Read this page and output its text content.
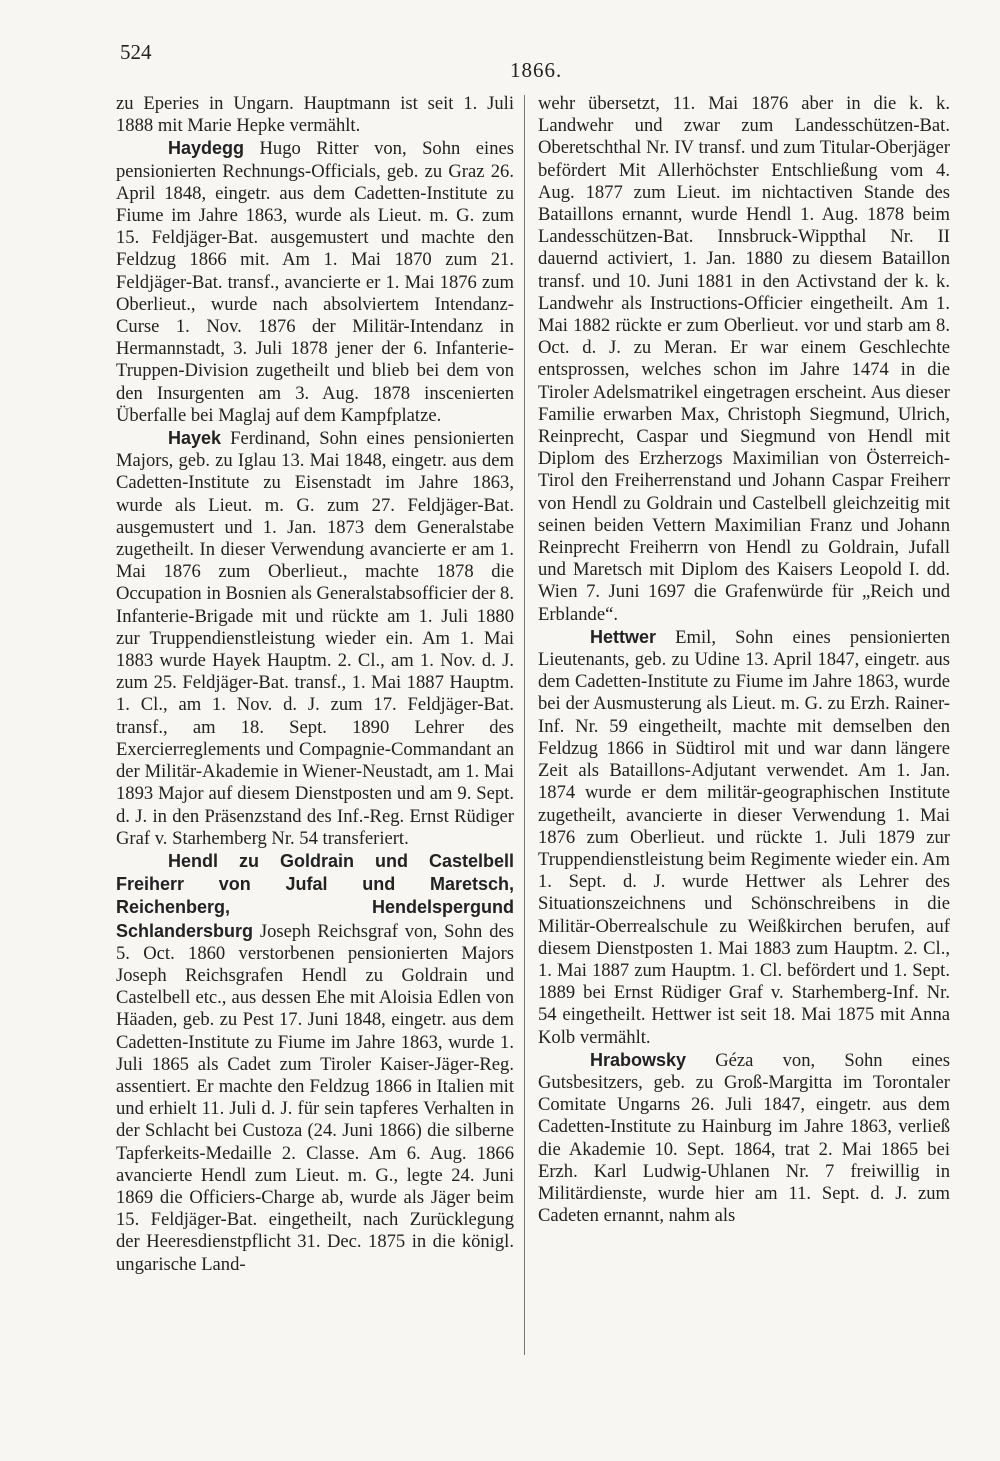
524
1866.

zu Eperies in Ungarn. Hauptmann ist seit 1. Juli 1888 mit Marie Hepke vermählt.

Haydegg Hugo Ritter von, Sohn eines pensionierten Rechnungs-Officials, geb. zu Graz 26. April 1848, eingetr. aus dem Cadetten-Institute zu Fiume im Jahre 1863, wurde als Lieut. m. G. zum 15. Feldjäger-Bat. ausgemustert und machte den Feldzug 1866 mit. Am 1. Mai 1870 zum 21. Feldjäger-Bat. transf., avancierte er 1. Mai 1876 zum Oberlieut., wurde nach absolviertem Intendanz-Curse 1. Nov. 1876 der Militär-Intendanz in Hermannstadt, 3. Juli 1878 jener der 6. Infanterie-Truppen-Division zugetheilt und blieb bei dem von den Insurgenten am 3. Aug. 1878 inscenierten Überfalle bei Maglaj auf dem Kampfplatze.

Hayek Ferdinand, Sohn eines pensionierten Majors, geb. zu Iglau 13. Mai 1848, eingetr. aus dem Cadetten-Institute zu Eisenstadt im Jahre 1863, wurde als Lieut. m. G. zum 27. Feldjäger-Bat. ausgemustert und 1. Jan. 1873 dem Generalstabe zugetheilt. In dieser Verwendung avancierte er am 1. Mai 1876 zum Oberlieut., machte 1878 die Occupation in Bosnien als Generalstabsofficier der 8. Infanterie-Brigade mit und rückte am 1. Juli 1880 zur Truppendienstleistung wieder ein. Am 1. Mai 1883 wurde Hayek Hauptm. 2. Cl., am 1. Nov. d. J. zum 25. Feldjäger-Bat. transf., 1. Mai 1887 Hauptm. 1. Cl., am 1. Nov. d. J. zum 17. Feldjäger-Bat. transf., am 18. Sept. 1890 Lehrer des Exercierreglements und Compagnie-Commandant an der Militär-Akademie in Wiener-Neustadt, am 1. Mai 1893 Major auf diesem Dienstposten und am 9. Sept. d. J. in den Präsenzstand des Inf.-Reg. Ernst Rüdiger Graf v. Starhemberg Nr. 54 transferiert.

Hendl zu Goldrain und Castelbell Freiherr von Jufal und Maretsch, Reichenberg, Hendelspergund Schlandersburg Joseph Reichsgraf von, Sohn des 5. Oct. 1860 verstorbenen pensionierten Majors Joseph Reichsgrafen Hendl zu Goldrain und Castelbell etc., aus dessen Ehe mit Aloisia Edlen von Häaden, geb. zu Pest 17. Juni 1848, eingetr. aus dem Cadetten-Institute zu Fiume im Jahre 1863, wurde 1. Juli 1865 als Cadet zum Tiroler Kaiser-Jäger-Reg. assentiert. Er machte den Feldzug 1866 in Italien mit und erhielt 11. Juli d. J. für sein tapferes Verhalten in der Schlacht bei Custoza (24. Juni 1866) die silberne Tapferkeits-Medaille 2. Classe. Am 6. Aug. 1866 avancierte Hendl zum Lieut. m. G., legte 24. Juni 1869 die Officiers-Charge ab, wurde als Jäger beim 15. Feldjäger-Bat. eingetheilt, nach Zurücklegung der Heeresdienstpflicht 31. Dec. 1875 in die königl. ungarische Land-

wehr übersetzt, 11. Mai 1876 aber in die k. k. Landwehr und zwar zum Landesschützen-Bat. Oberetschthal Nr. IV transf. und zum Titular-Oberjäger befördert Mit Allerhöchster Entschließung vom 4. Aug. 1877 zum Lieut. im nichtactiven Stande des Bataillons ernannt, wurde Hendl 1. Aug. 1878 beim Landesschützen-Bat. Innsbruck-Wippthal Nr. II dauernd activiert, 1. Jan. 1880 zu diesem Bataillon transf. und 10. Juni 1881 in den Activstand der k. k. Landwehr als Instructions-Officier eingetheilt. Am 1. Mai 1882 rückte er zum Oberlieut. vor und starb am 8. Oct. d. J. zu Meran. Er war einem Geschlechte entsprossen, welches schon im Jahre 1474 in die Tiroler Adelsmatrikel eingetragen erscheint. Aus dieser Familie erwarben Max, Christoph Siegmund, Ulrich, Reinprecht, Caspar und Siegmund von Hendl mit Diplom des Erzherzogs Maximilian von Österreich-Tirol den Freiherrenstand und Johann Caspar Freiherr von Hendl zu Goldrain und Castelbell gleichzeitig mit seinen beiden Vettern Maximilian Franz und Johann Reinprecht Freiherrn von Hendl zu Goldrain, Jufall und Maretsch mit Diplom des Kaisers Leopold I. dd. Wien 7. Juni 1697 die Grafenwürde für „Reich und Erblande“.

Hettwer Emil, Sohn eines pensionierten Lieutenants, geb. zu Udine 13. April 1847, eingetr. aus dem Cadetten-Institute zu Fiume im Jahre 1863, wurde bei der Ausmusterung als Lieut. m. G. zu Erzh. Rainer-Inf. Nr. 59 eingetheilt, machte mit demselben den Feldzug 1866 in Südtirol mit und war dann längere Zeit als Bataillons-Adjutant verwendet. Am 1. Jan. 1874 wurde er dem militär-geographischen Institute zugetheilt, avancierte in dieser Verwendung 1. Mai 1876 zum Oberlieut. und rückte 1. Juli 1879 zur Truppendienstleistung beim Regimente wieder ein. Am 1. Sept. d. J. wurde Hettwer als Lehrer des Situationszeichnens und Schönschreibens in die Militär-Oberrealschule zu Weißkirchen berufen, auf diesem Dienstposten 1. Mai 1883 zum Hauptm. 2. Cl., 1. Mai 1887 zum Hauptm. 1. Cl. befördert und 1. Sept. 1889 bei Ernst Rüdiger Graf v. Starhemberg-Inf. Nr. 54 eingetheilt. Hettwer ist seit 18. Mai 1875 mit Anna Kolb vermählt.

Hrabowsky Géza von, Sohn eines Gutsbesitzers, geb. zu Groß-Margitta im Torontaler Comitate Ungarns 26. Juli 1847, eingetr. aus dem Cadetten-Institute zu Hainburg im Jahre 1863, verließ die Akademie 10. Sept. 1864, trat 2. Mai 1865 bei Erzh. Karl Ludwig-Uhlanen Nr. 7 freiwillig in Militärdienste, wurde hier am 11. Sept. d. J. zum Cadeten ernannt, nahm als
